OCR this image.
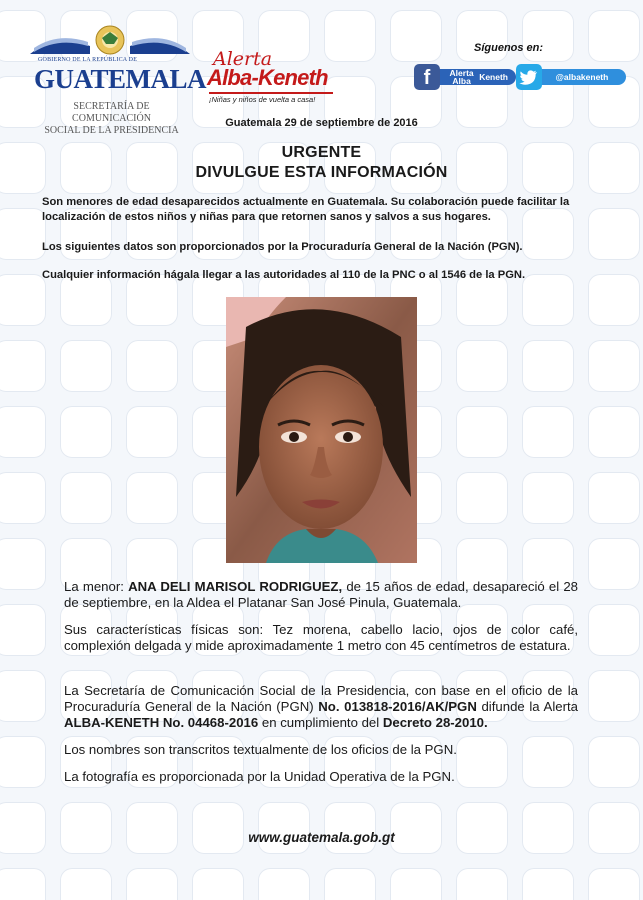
GOBIERNO DE LA REPÚBLICA DE
GUATEMALA
SECRETARÍA DE COMUNICACIÓN
SOCIAL DE LA PRESIDENCIA
Alerta
Alba-Keneth
¡Niñas y niños de vuelta a casa!
Síguenos en:
f	Alerta Alba Keneth	@albakeneth
Guatemala 29 de septiembre de 2016
URGENTE
DIVULGUE ESTA INFORMACIÓN
Son menores de edad desaparecidos actualmente en Guatemala. Su colaboración puede facilitar la localización de estos niños y niñas para que retornen sanos y salvos a sus hogares.
Los siguientes datos son proporcionados por la Procuraduría General de la Nación (PGN).
Cualquier información hágala llegar a las autoridades al 110 de la PNC o al 1546 de la PGN.
La menor: ANA DELI MARISOL RODRIGUEZ, de 15 años de edad, desapareció el 28 de septiembre, en la Aldea el Platanar San José Pinula, Guatemala.
Sus características físicas son: Tez morena, cabello lacio, ojos de color café, complexión delgada y mide aproximadamente 1 metro con 45 centímetros de estatura.
La Secretaría de Comunicación Social de la Presidencia, con base en el oficio de la Procuraduría General de la Nación (PGN) No. 013818-2016/AK/PGN difunde la Alerta ALBA-KENETH No. 04468-2016 en cumplimiento del Decreto 28-2010.
Los nombres son transcritos textualmente de los oficios de la PGN.
La fotografía es proporcionada por la Unidad Operativa de la PGN.
www.guatemala.gob.gt
